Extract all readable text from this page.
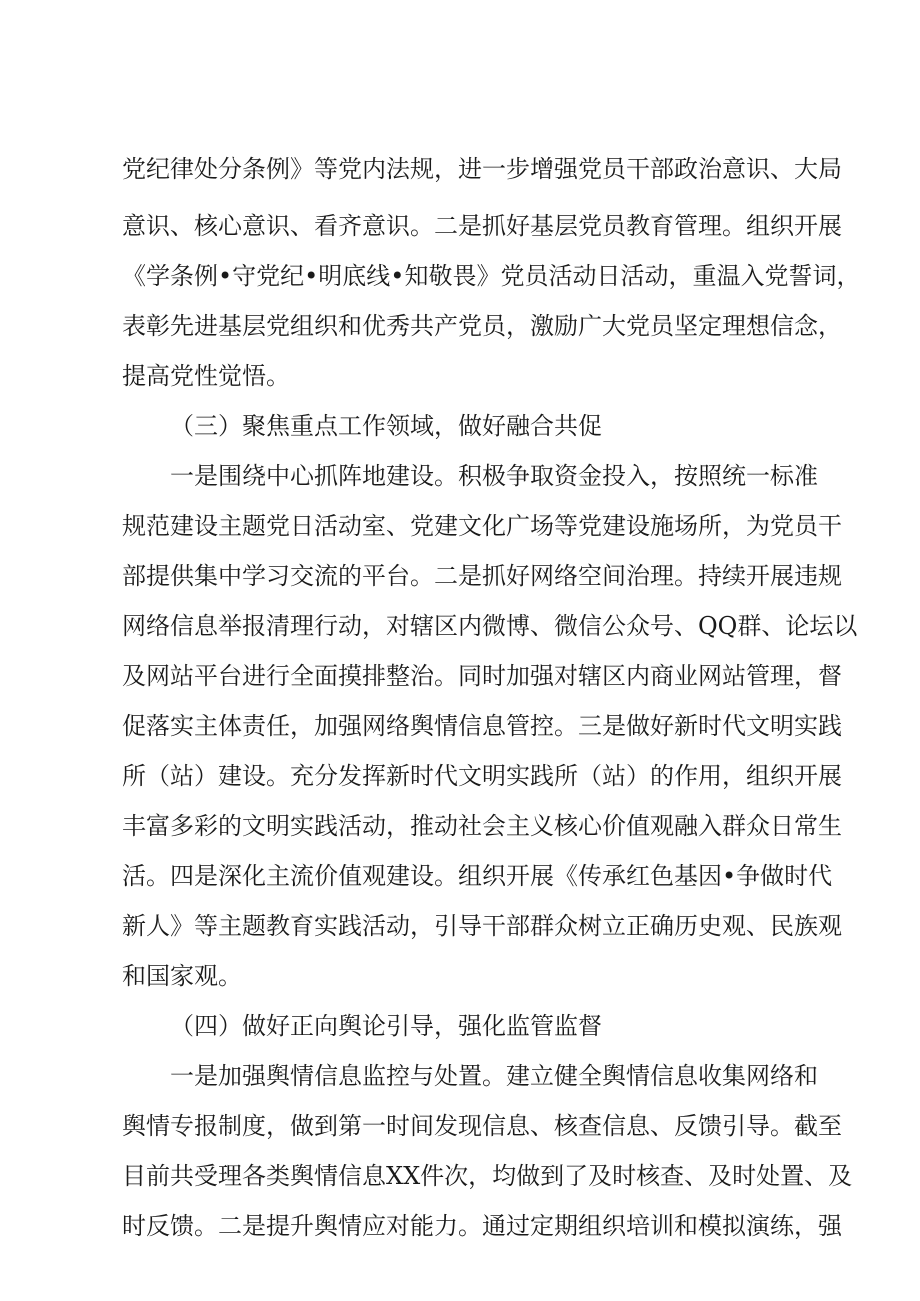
党纪律处分条例》等党内法规，进一步增强党员干部政治意识、大局
意识、核心意识、看齐意识。二是抓好基层党员教育管理。组织开展
《学条例•守党纪•明底线•知敬畏》党员活动日活动，重温入党誓词，
表彰先进基层党组织和优秀共产党员，激励广大党员坚定理想信念，
提高党性觉悟。
（三）聚焦重点工作领域，做好融合共促
一是围绕中心抓阵地建设。积极争取资金投入，按照统一标准
规范建设主题党日活动室、党建文化广场等党建设施场所，为党员干
部提供集中学习交流的平台。二是抓好网络空间治理。持续开展违规
网络信息举报清理行动，对辖区内微博、微信公众号、QQ群、论坛以
及网站平台进行全面摸排整治。同时加强对辖区内商业网站管理，督
促落实主体责任，加强网络舆情信息管控。三是做好新时代文明实践
所（站）建设。充分发挥新时代文明实践所（站）的作用，组织开展
丰富多彩的文明实践活动，推动社会主义核心价值观融入群众日常生
活。四是深化主流价值观建设。组织开展《传承红色基因•争做时代
新人》等主题教育实践活动，引导干部群众树立正确历史观、民族观
和国家观。
（四）做好正向舆论引导，强化监管监督
一是加强舆情信息监控与处置。建立健全舆情信息收集网络和
舆情专报制度，做到第一时间发现信息、核查信息、反馈引导。截至
目前共受理各类舆情信息XX件次，均做到了及时核查、及时处置、及
时反馈。二是提升舆情应对能力。通过定期组织培训和模拟演练，强
